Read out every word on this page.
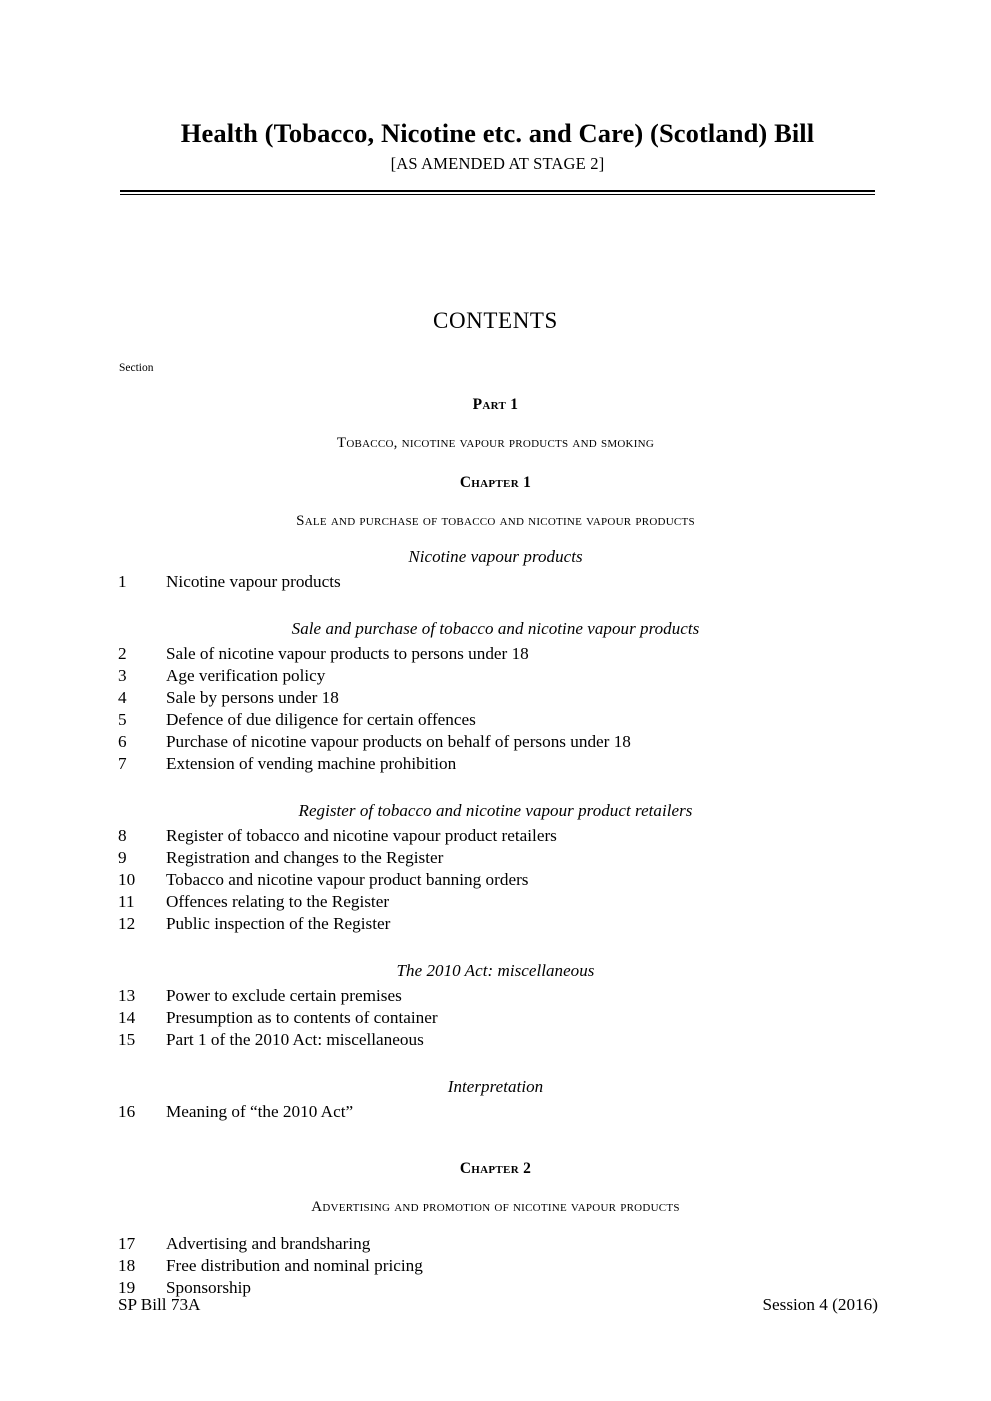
Health (Tobacco, Nicotine etc. and Care) (Scotland) Bill
[AS AMENDED AT STAGE 2]
CONTENTS
Section
Part 1
Tobacco, nicotine vapour products and smoking
Chapter 1
Sale and purchase of tobacco and nicotine vapour products
Nicotine vapour products
1	Nicotine vapour products
Sale and purchase of tobacco and nicotine vapour products
2	Sale of nicotine vapour products to persons under 18
3	Age verification policy
4	Sale by persons under 18
5	Defence of due diligence for certain offences
6	Purchase of nicotine vapour products on behalf of persons under 18
7	Extension of vending machine prohibition
Register of tobacco and nicotine vapour product retailers
8	Register of tobacco and nicotine vapour product retailers
9	Registration and changes to the Register
10	Tobacco and nicotine vapour product banning orders
11	Offences relating to the Register
12	Public inspection of the Register
The 2010 Act: miscellaneous
13	Power to exclude certain premises
14	Presumption as to contents of container
15	Part 1 of the 2010 Act: miscellaneous
Interpretation
16	Meaning of “the 2010 Act”
Chapter 2
Advertising and promotion of nicotine vapour products
17	Advertising and brandsharing
18	Free distribution and nominal pricing
19	Sponsorship
SP Bill 73A	Session 4 (2016)
